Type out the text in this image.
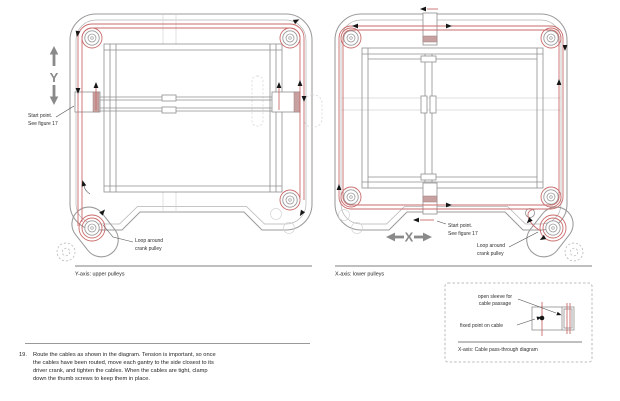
Y
Start point.
See figure 17
Loop around
crank pulley
Y-axis: upper pulleys
X
Start point.
See figure 17
Loop around
crank pulley
X-axis: lower pulleys
open sleeve for
cable passage
fixed point on cable
X-axis: Cable pass-through diagram
19. Route the cables as shown in the diagram. Tension is important, so once
the cables have been routed, move each gantry to the side closest to its
driver crank, and tighten the cables. When the cables are tight, clamp
down the thumb screws to keep them in place.
